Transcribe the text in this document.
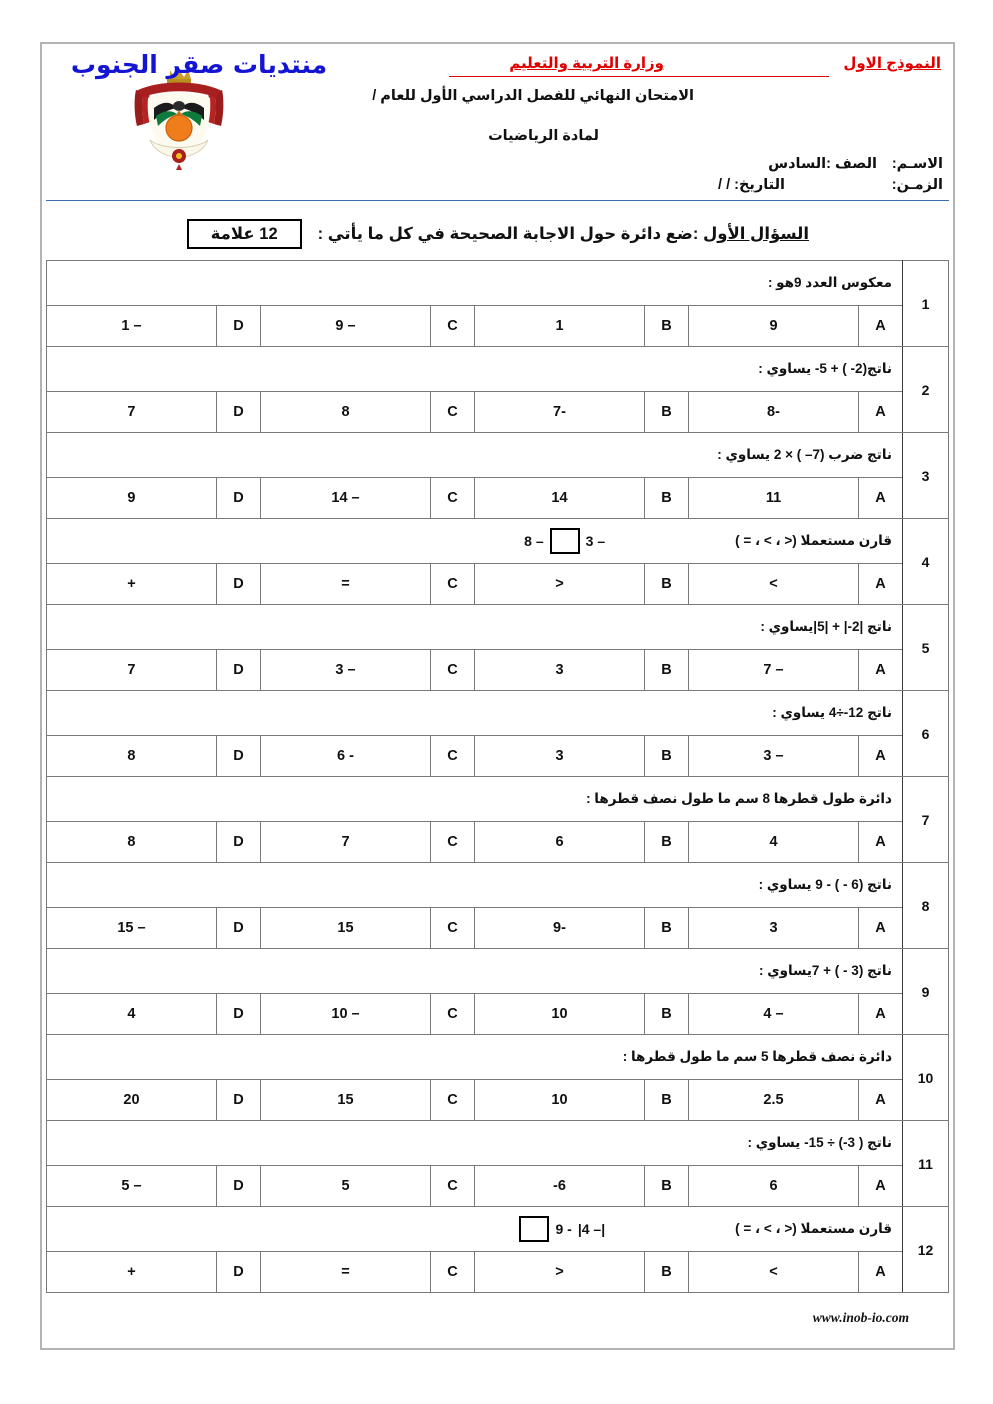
منتديات صقر الجنوب	النموذج الاول
وزارة التربية والتعليم
الامتحان النهائي للفصل الدراسي الأول للعام /
لمادة الرياضيات
الاسـم:الصف :السادس
الزمـن:التاريخ: / /
السؤال الأول :ضع دائرة حول الاجابة الصحيحة في كل ما يأتي :
12 علامة
1	معكوس العدد 9هو :							
	A	9	B	1	C	– 9	D	– 1
2	ناتج(2- ) + 5- يساوي :							
	A	-8	B	-7	C	8	D	7
3	ناتج ضرب (7– ) × 2 يساوي :							
	A	11	B	14	C	– 14	D	9
4	قارن مستعملا (< ، > ، = )
8 – 3 –							

	A	>	B	<	C	=	D	+
5	ناتج |2-| + |5|يساوي :							
	A	– 7	B	3	C	– 3	D	7
6	ناتج 12-÷4 يساوي :							
	A	– 3	B	3	C	- 6	D	8
7	دائرة طول قطرها 8 سم ما طول نصف قطرها :							
	A	4	B	6	C	7	D	8
8	ناتج (6 - ) - 9 يساوي :							
	A	3	B	-9	C	15	D	– 15
9	ناتج (3 - ) + 7يساوي :							
	A	– 4	B	10	C	– 10	D	4
10	دائرة نصف قطرها 5 سم ما طول قطرها :							
	A	2.5	B	10	C	15	D	20
11	ناتج ( 3-) ÷ 15- يساوي :							
	A	6	B	6-	C	5	D	– 5
12	قارن مستعملا (< ، > ، = )
9 - |4 –|							

	A	>	B	<	C	=	D	+
www.inob-io.com
